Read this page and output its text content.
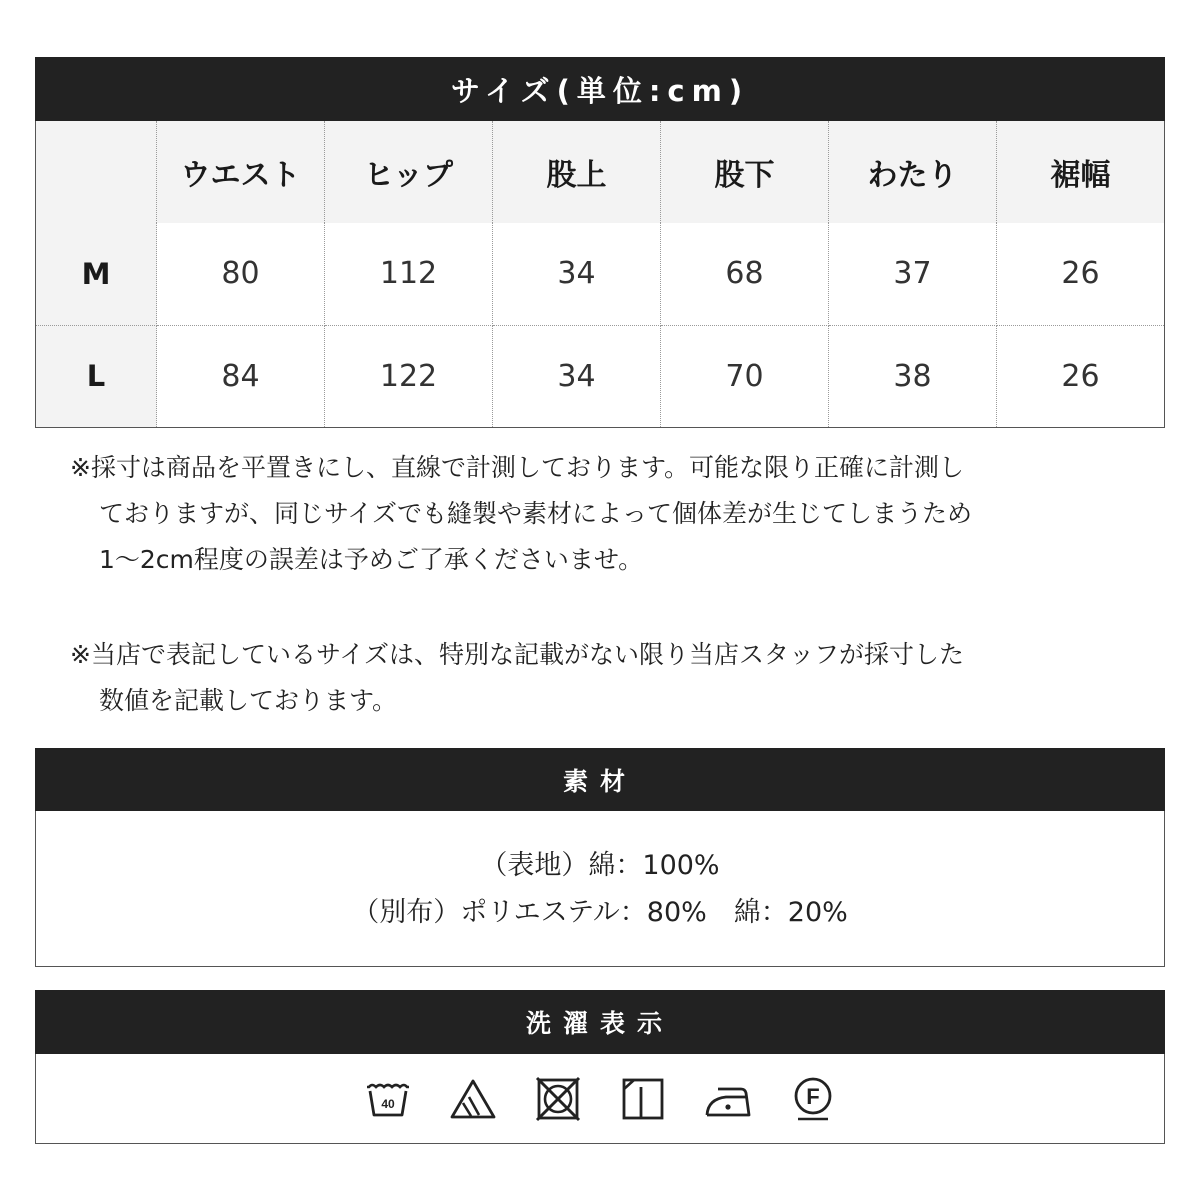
サイズ(単位:cm)
	ウエスト	ヒップ	股上	股下	わたり	裾幅
M	80	112	34	68	37	26
L	84	122	34	70	38	26
※採寸は商品を平置きにし、直線で計測しております。可能な限り正確に計測し
ておりますが、同じサイズでも縫製や素材によって個体差が生じてしまうため
1～2cm程度の誤差は予めご了承くださいませ。
※当店で表記しているサイズは、特別な記載がない限り当店スタッフが採寸した
数値を記載しております。
素材
（表地）綿：100%
（別布）ポリエステル：80%　綿：20%
洗濯表示
40	F
